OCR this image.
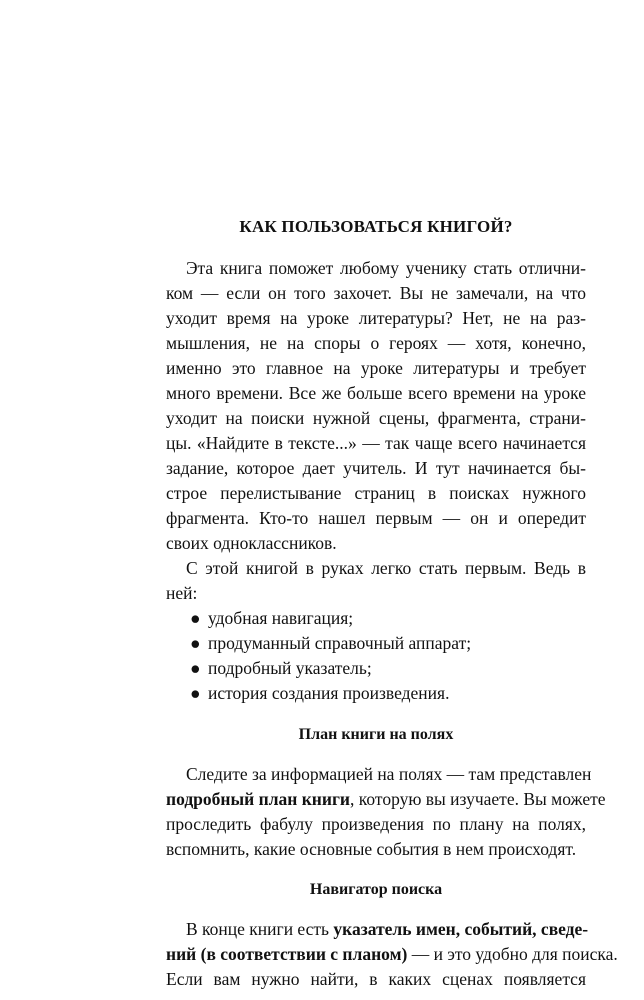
КАК ПОЛЬЗОВАТЬСЯ КНИГОЙ?
Эта книга поможет любому ученику стать отлични-
ком — если он того захочет. Вы не замечали, на что
уходит время на уроке литературы? Нет, не на раз-
мышления, не на споры о героях — хотя, конечно,
именно это главное на уроке литературы и требует
много времени. Все же больше всего времени на уроке
уходит на поиски нужной сцены, фрагмента, страни-
цы. «Найдите в тексте...» — так чаще всего начинается
задание, которое дает учитель. И тут начинается бы-
строе перелистывание страниц в поисках нужного
фрагмента. Кто-то нашел первым — он и опередит
своих одноклассников.
С этой книгой в руках легко стать первым. Ведь в
ней:
● удобная навигация;
● продуманный справочный аппарат;
● подробный указатель;
● история создания произведения.
План книги на полях
Следите за информацией на полях — там представлен
подробный план книги, которую вы изучаете. Вы можете
проследить фабулу произведения по плану на полях,
вспомнить, какие основные события в нем происходят.
Навигатор поиска
В конце книги есть указатель имен, событий, сведе-
ний (в соответствии с планом) — и это удобно для поиска.
Если вам нужно найти, в каких сценах появляется
